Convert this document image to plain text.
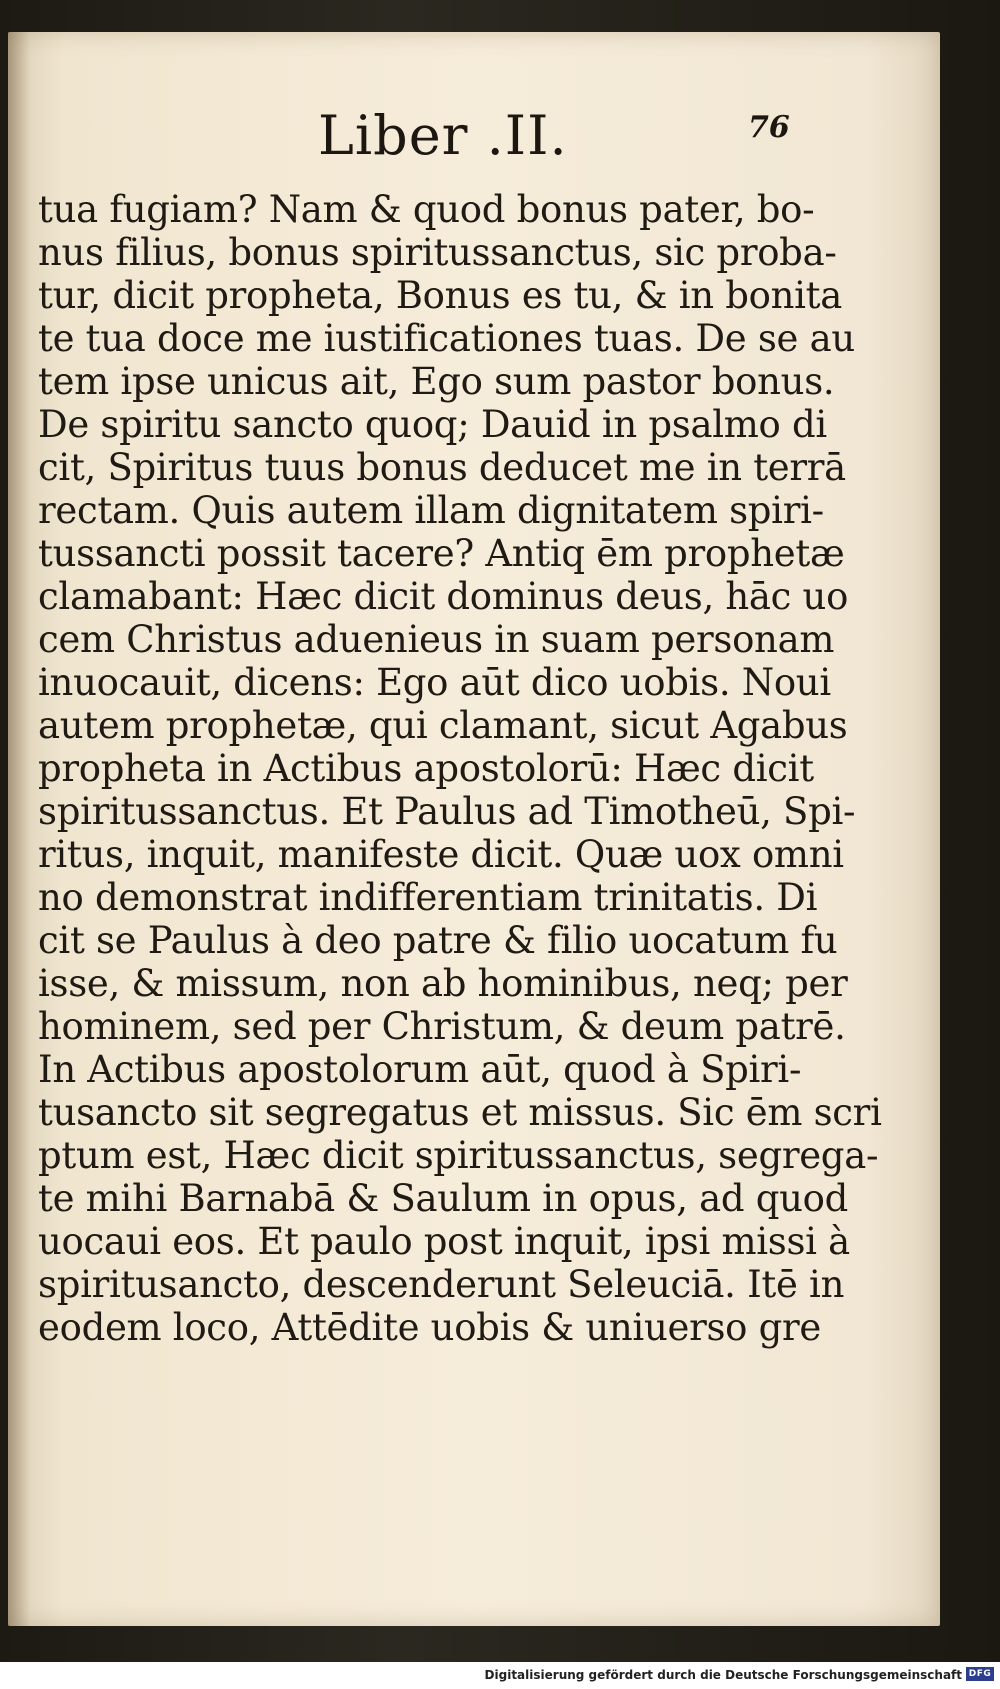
Liber .II.	76
tua fugiam? Nam & quod bonus pater, bo-
nus filius, bonus spiritussanctus, sic proba-
tur, dicit propheta, Bonus es tu, & in bonita
te tua doce me iustificationes tuas. De se au
tem ipse unicus ait, Ego sum pastor bonus.
De spiritu sancto quoq; Dauid in psalmo di
cit, Spiritus tuus bonus deducet me in terrā
rectam. Quis autem illam dignitatem spiri-
tussancti possit tacere? Antiq ēm prophetæ
clamabant: Hæc dicit dominus deus, hāc uo
cem Christus aduenieus in suam personam
inuocauit, dicens: Ego aūt dico uobis. Noui
autem prophetæ, qui clamant, sicut Agabus
propheta in Actibus apostolorū: Hæc dicit
spiritussanctus. Et Paulus ad Timotheū, Spi-
ritus, inquit, manifeste dicit. Quæ uox omni
no demonstrat indifferentiam trinitatis. Di
cit se Paulus à deo patre & filio uocatum fu
isse, & missum, non ab hominibus, neq; per
hominem, sed per Christum, & deum patrē.
In Actibus apostolorum aūt, quod à Spiri-
tusancto sit segregatus et missus. Sic ēm scri
ptum est, Hæc dicit spiritussanctus, segrega-
te mihi Barnabā & Saulum in opus, ad quod
uocaui eos. Et paulo post inquit, ipsi missi à
spiritusancto, descenderunt Seleuciā. Itē in
eodem loco, Attēdite uobis & uniuerso gre
Digitalisierung gefördert durch die Deutsche Forschungsgemeinschaft DFG
